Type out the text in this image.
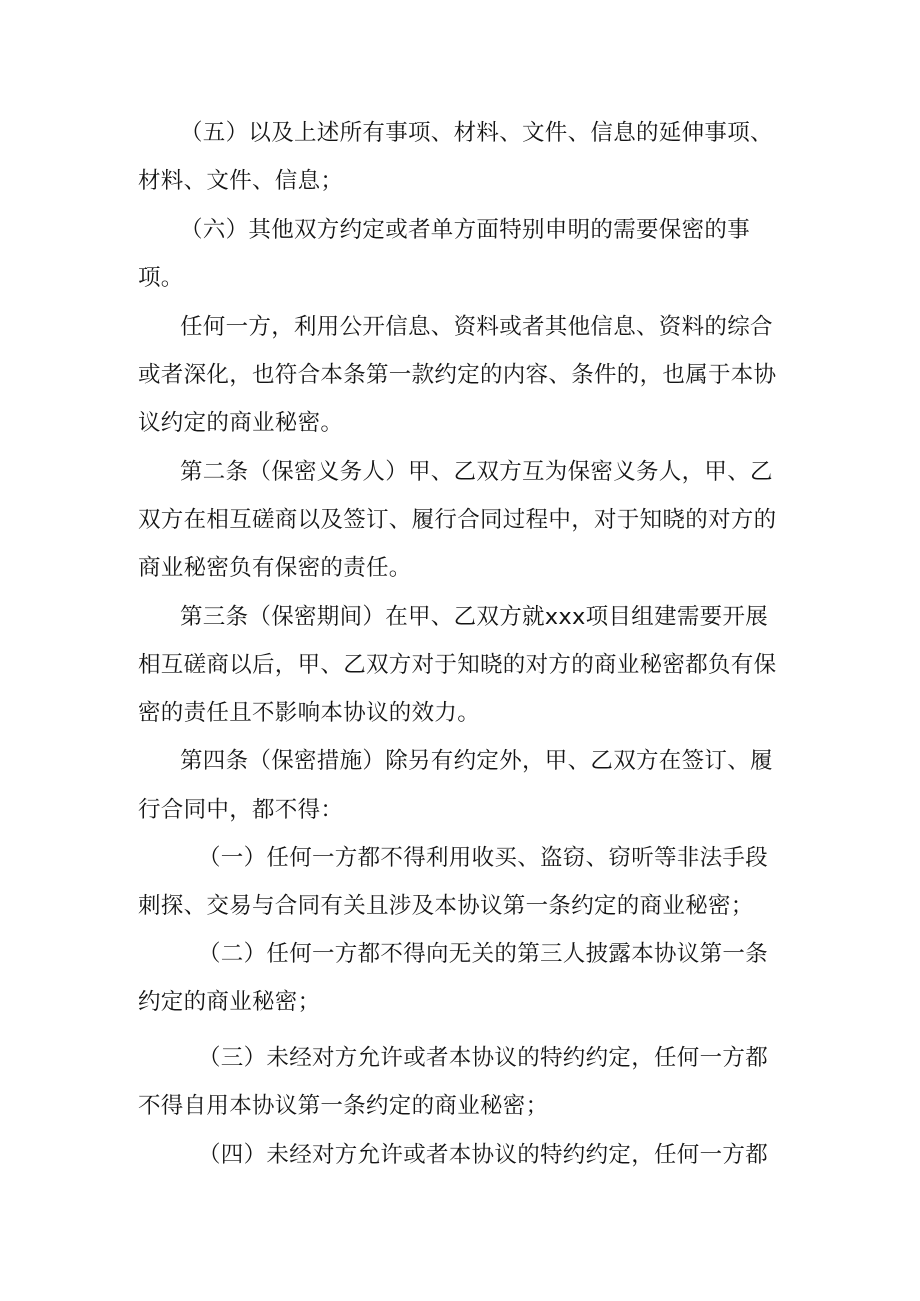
（五）以及上述所有事项、材料、文件、信息的延伸事项、
材料、文件、信息；
（六）其他双方约定或者单方面特别申明的需要保密的事
项。
任何一方，利用公开信息、资料或者其他信息、资料的综合
或者深化，也符合本条第一款约定的内容、条件的，也属于本协
议约定的商业秘密。
第二条（保密义务人）甲、乙双方互为保密义务人，甲、乙
双方在相互磋商以及签订、履行合同过程中，对于知晓的对方的
商业秘密负有保密的责任。
第三条（保密期间）在甲、乙双方就xxx项目组建需要开展
相互磋商以后，甲、乙双方对于知晓的对方的商业秘密都负有保
密的责任且不影响本协议的效力。
第四条（保密措施）除另有约定外，甲、乙双方在签订、履
行合同中，都不得：
（一）任何一方都不得利用收买、盗窃、窃听等非法手段
刺探、交易与合同有关且涉及本协议第一条约定的商业秘密；
（二）任何一方都不得向无关的第三人披露本协议第一条
约定的商业秘密；
（三）未经对方允许或者本协议的特约约定，任何一方都
不得自用本协议第一条约定的商业秘密；
（四）未经对方允许或者本协议的特约约定，任何一方都
